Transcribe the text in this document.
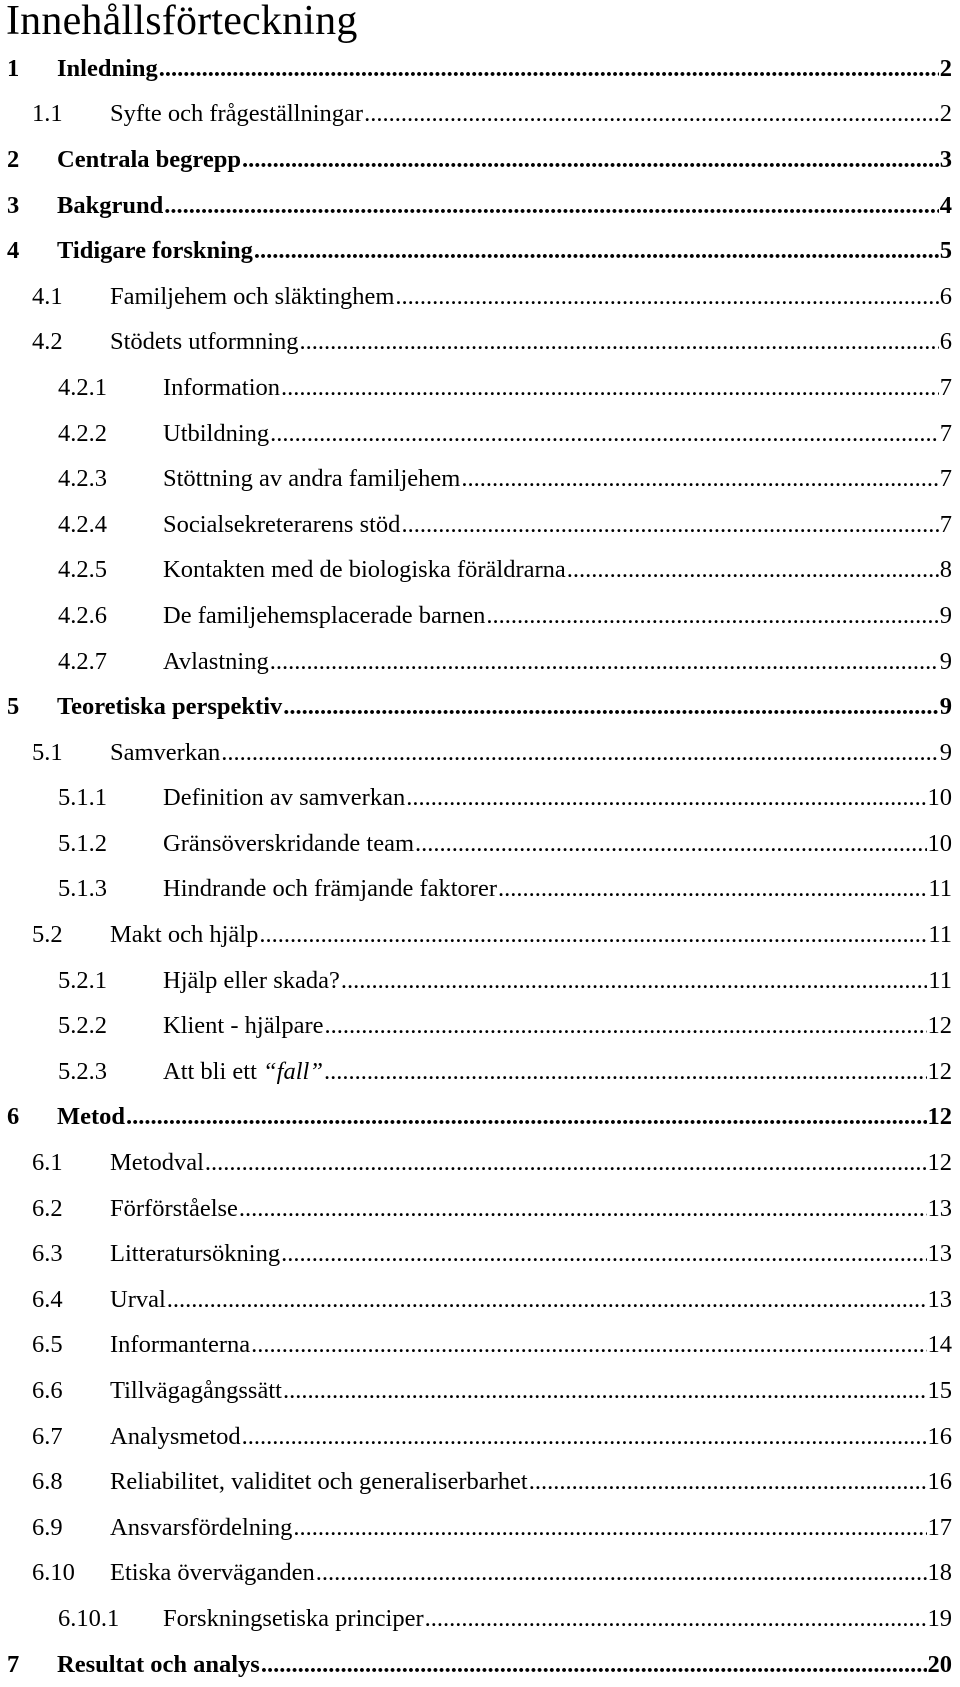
Innehållsförteckning
1 Inledning .....	2
1.1 Syfte och frågeställningar .....	2
2 Centrala begrepp .....	3
3 Bakgrund .....	4
4 Tidigare forskning .....	5
4.1 Familjehem och släktinghem .....	6
4.2 Stödets utformning .....	6
4.2.1 Information .....	7
4.2.2 Utbildning .....	7
4.2.3 Stöttning av andra familjehem .....	7
4.2.4 Socialsekreterarens stöd .....	7
4.2.5 Kontakten med de biologiska föräldrarna .....	8
4.2.6 De familjehemsplacerade barnen .....	9
4.2.7 Avlastning .....	9
5 Teoretiska perspektiv .....	9
5.1 Samverkan .....	9
5.1.1 Definition av samverkan .....	10
5.1.2 Gränsöverskridande team .....	10
5.1.3 Hindrande och främjande faktorer .....	11
5.2 Makt och hjälp .....	11
5.2.1 Hjälp eller skada? .....	11
5.2.2 Klient - hjälpare .....	12
5.2.3 Att bli ett “fall” .....	12
6 Metod .....	12
6.1 Metodval .....	12
6.2 Förförståelse .....	13
6.3 Litteratursökning .....	13
6.4 Urval .....	13
6.5 Informanterna .....	14
6.6 Tillvägagångssätt .....	15
6.7 Analysmetod .....	16
6.8 Reliabilitet, validitet och generaliserbarhet .....	16
6.9 Ansvarsfördelning .....	17
6.10 Etiska överväganden .....	18
6.10.1 Forskningsetiska principer .....	19
7 Resultat och analys .....	20
